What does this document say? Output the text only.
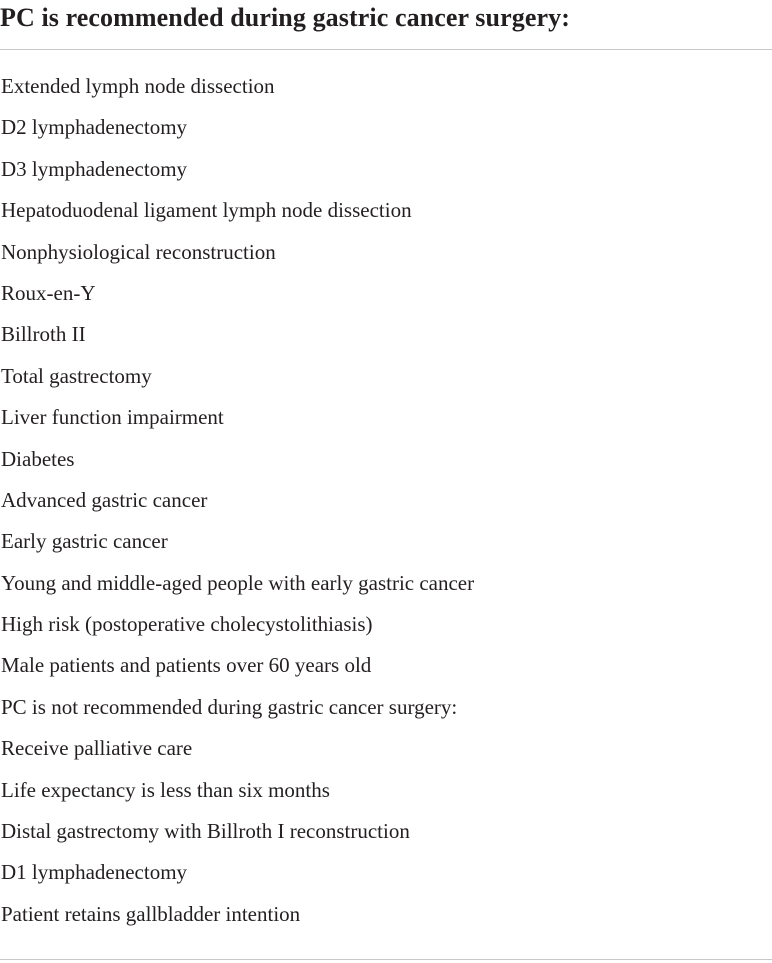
PC is recommended during gastric cancer surgery:
Extended lymph node dissection
D2 lymphadenectomy
D3 lymphadenectomy
Hepatoduodenal ligament lymph node dissection
Nonphysiological reconstruction
Roux-en-Y
Billroth II
Total gastrectomy
Liver function impairment
Diabetes
Advanced gastric cancer
Early gastric cancer
Young and middle-aged people with early gastric cancer
High risk (postoperative cholecystolithiasis)
Male patients and patients over 60 years old
PC is not recommended during gastric cancer surgery:
Receive palliative care
Life expectancy is less than six months
Distal gastrectomy with Billroth I reconstruction
D1 lymphadenectomy
Patient retains gallbladder intention
